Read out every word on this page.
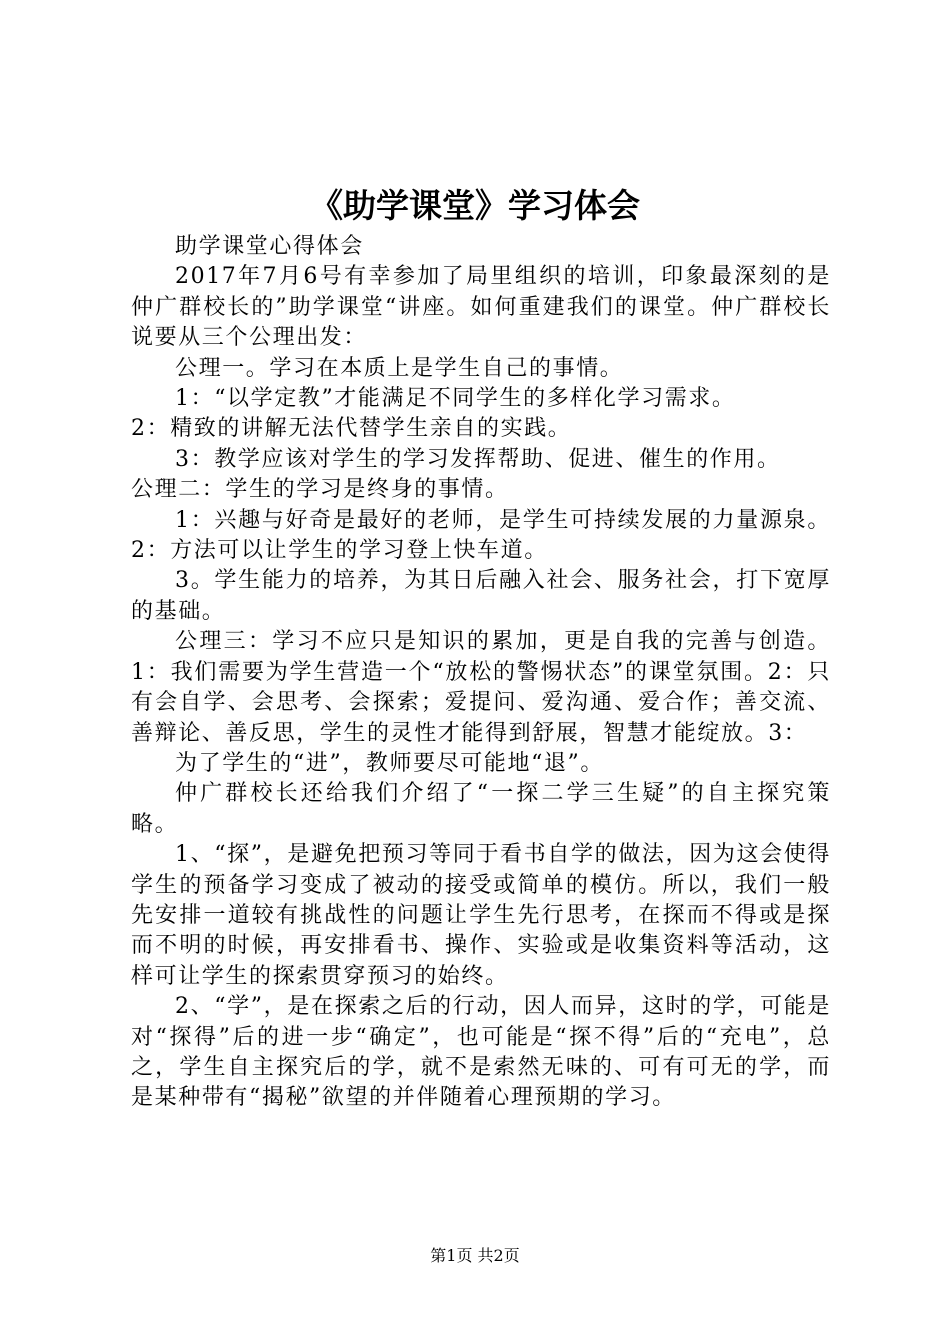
《助学课堂》学习体会

助学课堂心得体会

2017年7月6号有幸参加了局里组织的培训，印象最深刻的是仲广群校长的”助学课堂“讲座。如何重建我们的课堂。仲广群校长说要从三个公理出发：

公理一。学习在本质上是学生自己的事情。

1：“以学定教”才能满足不同学生的多样化学习需求。

2：精致的讲解无法代替学生亲自的实践。

3：教学应该对学生的学习发挥帮助、促进、催生的作用。

公理二：学生的学习是终身的事情。

1：兴趣与好奇是最好的老师，是学生可持续发展的力量源泉。2：方法可以让学生的学习登上快车道。

3。学生能力的培养，为其日后融入社会、服务社会，打下宽厚的基础。

公理三：学习不应只是知识的累加，更是自我的完善与创造。1：我们需要为学生营造一个“放松的警惕状态”的课堂氛围。2：只有会自学、会思考、会探索；爱提问、爱沟通、爱合作；善交流、善辩论、善反思，学生的灵性才能得到舒展，智慧才能绽放。3：

为了学生的“进”，教师要尽可能地“退”。

仲广群校长还给我们介绍了“一探二学三生疑”的自主探究策略。

1、“探”，是避免把预习等同于看书自学的做法，因为这会使得学生的预备学习变成了被动的接受或简单的模仿。所以，我们一般先安排一道较有挑战性的问题让学生先行思考，在探而不得或是探而不明的时候，再安排看书、操作、实验或是收集资料等活动，这样可让学生的探索贯穿预习的始终。

2、“学”，是在探索之后的行动，因人而异，这时的学，可能是对“探得”后的进一步“确定”，也可能是“探不得”后的“充电”，总之，学生自主探究后的学，就不是索然无味的、可有可无的学，而是某种带有“揭秘”欲望的并伴随着心理预期的学习。

第1页 共2页
